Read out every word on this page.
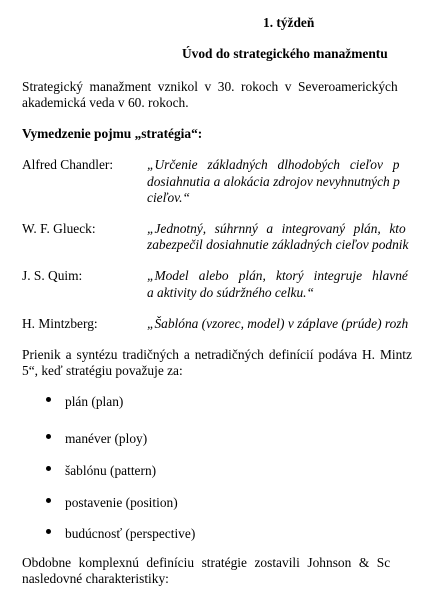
1. týždeň
Úvod do strategického manažmentu
Strategický manažment vznikol v 30. rokoch v Severoamerických
akademická veda v 60. rokoch.
Vymedzenie pojmu „stratégia“:
Alfred Chandler:	„Určenie základných dlhodobých cieľov p
dosiahnutia a alokácia zdrojov nevyhnutných p
cieľov.“
W. F. Glueck:	„Jednotný, súhrnný a integrovaný plán, kto
zabezpečil dosiahnutie základných cieľov podnik
J. S. Quim:	„Model alebo plán, ktorý integruje hlavné
a aktivity do súdržného celku.“
H. Mintzberg:	„Šablóna (vzorec, model) v záplave (prúde) rozh
Prienik a syntézu tradičných a netradičných definícií podáva H. Mintz
5“, keď stratégiu považuje za:
plán (plan)
manéver (ploy)
šablónu (pattern)
postavenie (position)
budúcnosť (perspective)
Obdobne komplexnú definíciu stratégie zostavili Johnson & Sc
nasledovné charakteristiky:
